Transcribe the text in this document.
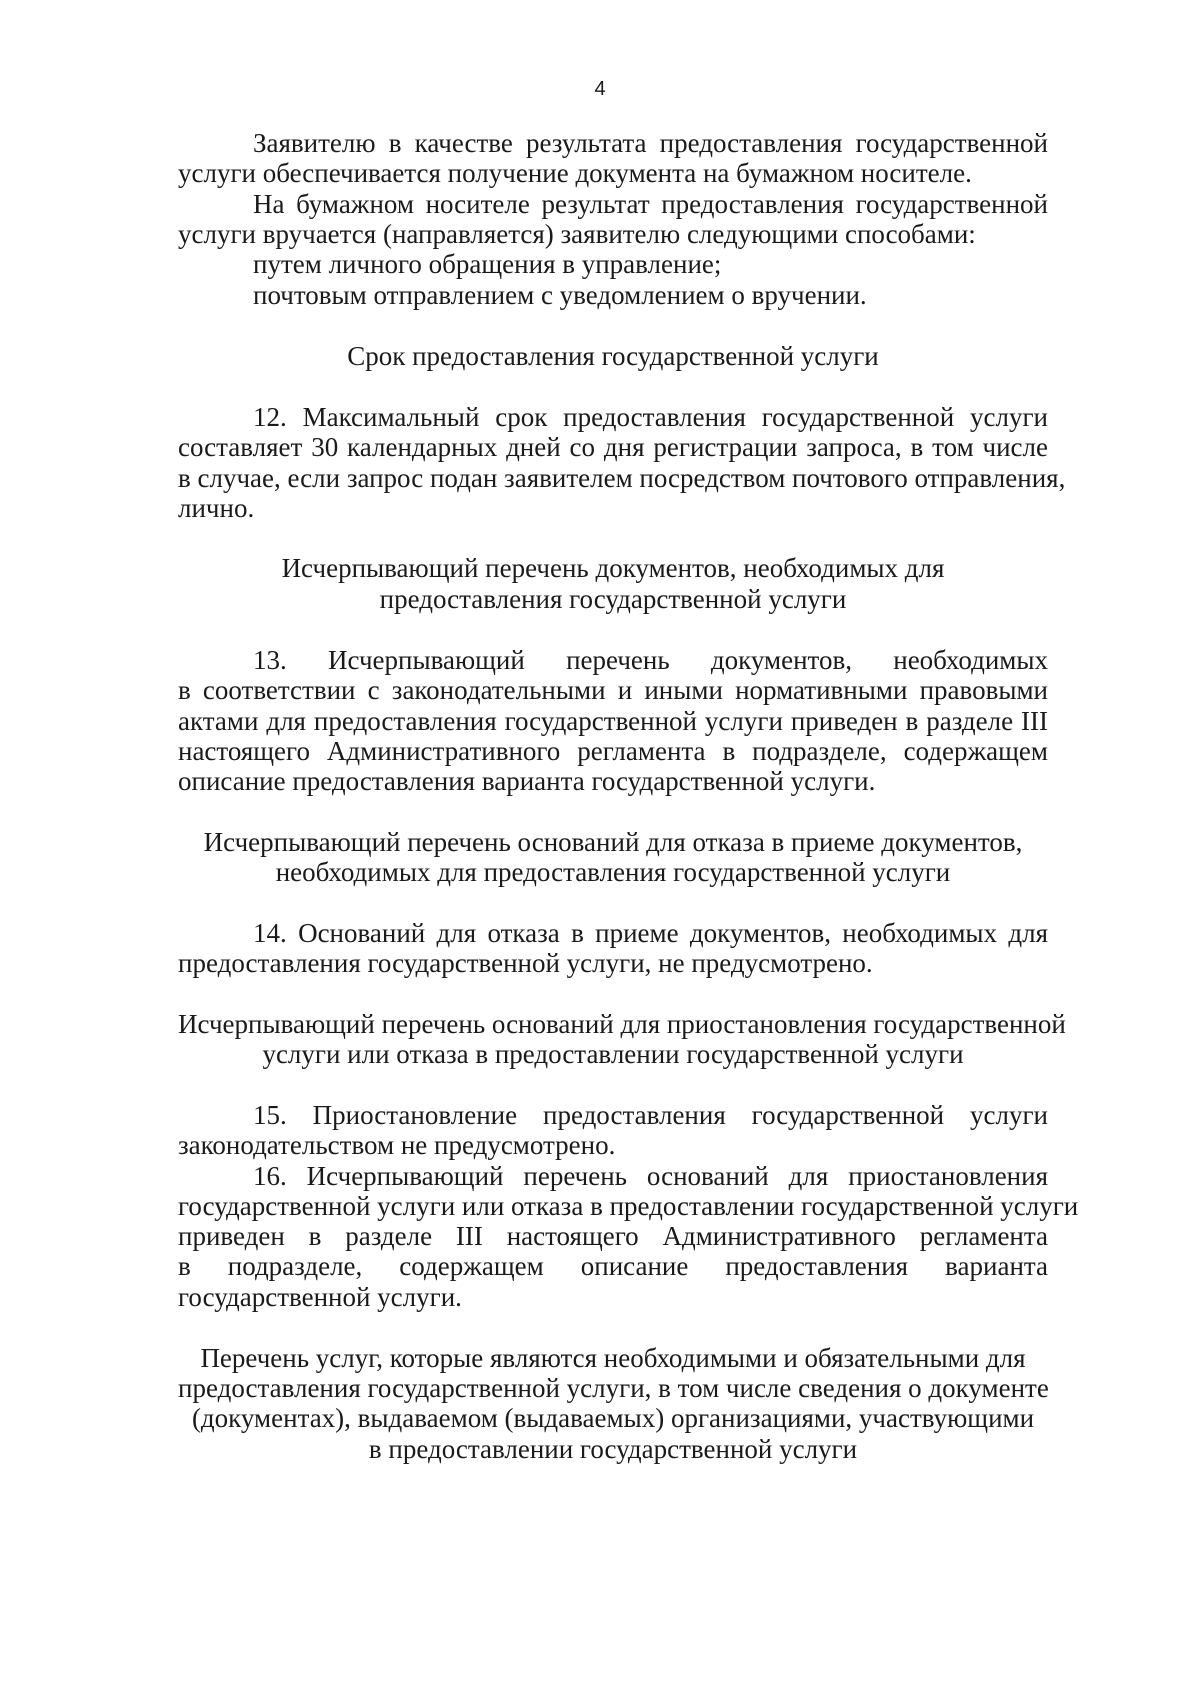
4
Заявителю в качестве результата предоставления государственной
услуги обеспечивается получение документа на бумажном носителе.
На бумажном носителе результат предоставления государственной
услуги вручается (направляется) заявителю следующими способами:
путем личного обращения в управление;
почтовым отправлением с уведомлением о вручении.
Срок предоставления государственной услуги
12. Максимальный срок предоставления государственной услуги
составляет 30 календарных дней со дня регистрации запроса, в том числе
в случае, если запрос подан заявителем посредством почтового отправления,
лично.
Исчерпывающий перечень документов, необходимых для
предоставления государственной услуги
13. Исчерпывающий перечень документов, необходимых
в соответствии с законодательными и иными нормативными правовыми
актами для предоставления государственной услуги приведен в разделе III
настоящего Административного регламента в подразделе, содержащем
описание предоставления варианта государственной услуги.
Исчерпывающий перечень оснований для отказа в приеме документов,
необходимых для предоставления государственной услуги
14. Оснований для отказа в приеме документов, необходимых для
предоставления государственной услуги, не предусмотрено.
Исчерпывающий перечень оснований для приостановления государственной
услуги или отказа в предоставлении государственной услуги
15. Приостановление предоставления государственной услуги
законодательством не предусмотрено.
16. Исчерпывающий перечень оснований для приостановления
государственной услуги или отказа в предоставлении государственной услуги
приведен в разделе III настоящего Административного регламента
в подразделе, содержащем описание предоставления варианта
государственной услуги.
Перечень услуг, которые являются необходимыми и обязательными для
предоставления государственной услуги, в том числе сведения о документе
(документах), выдаваемом (выдаваемых) организациями, участвующими
в предоставлении государственной услуги
